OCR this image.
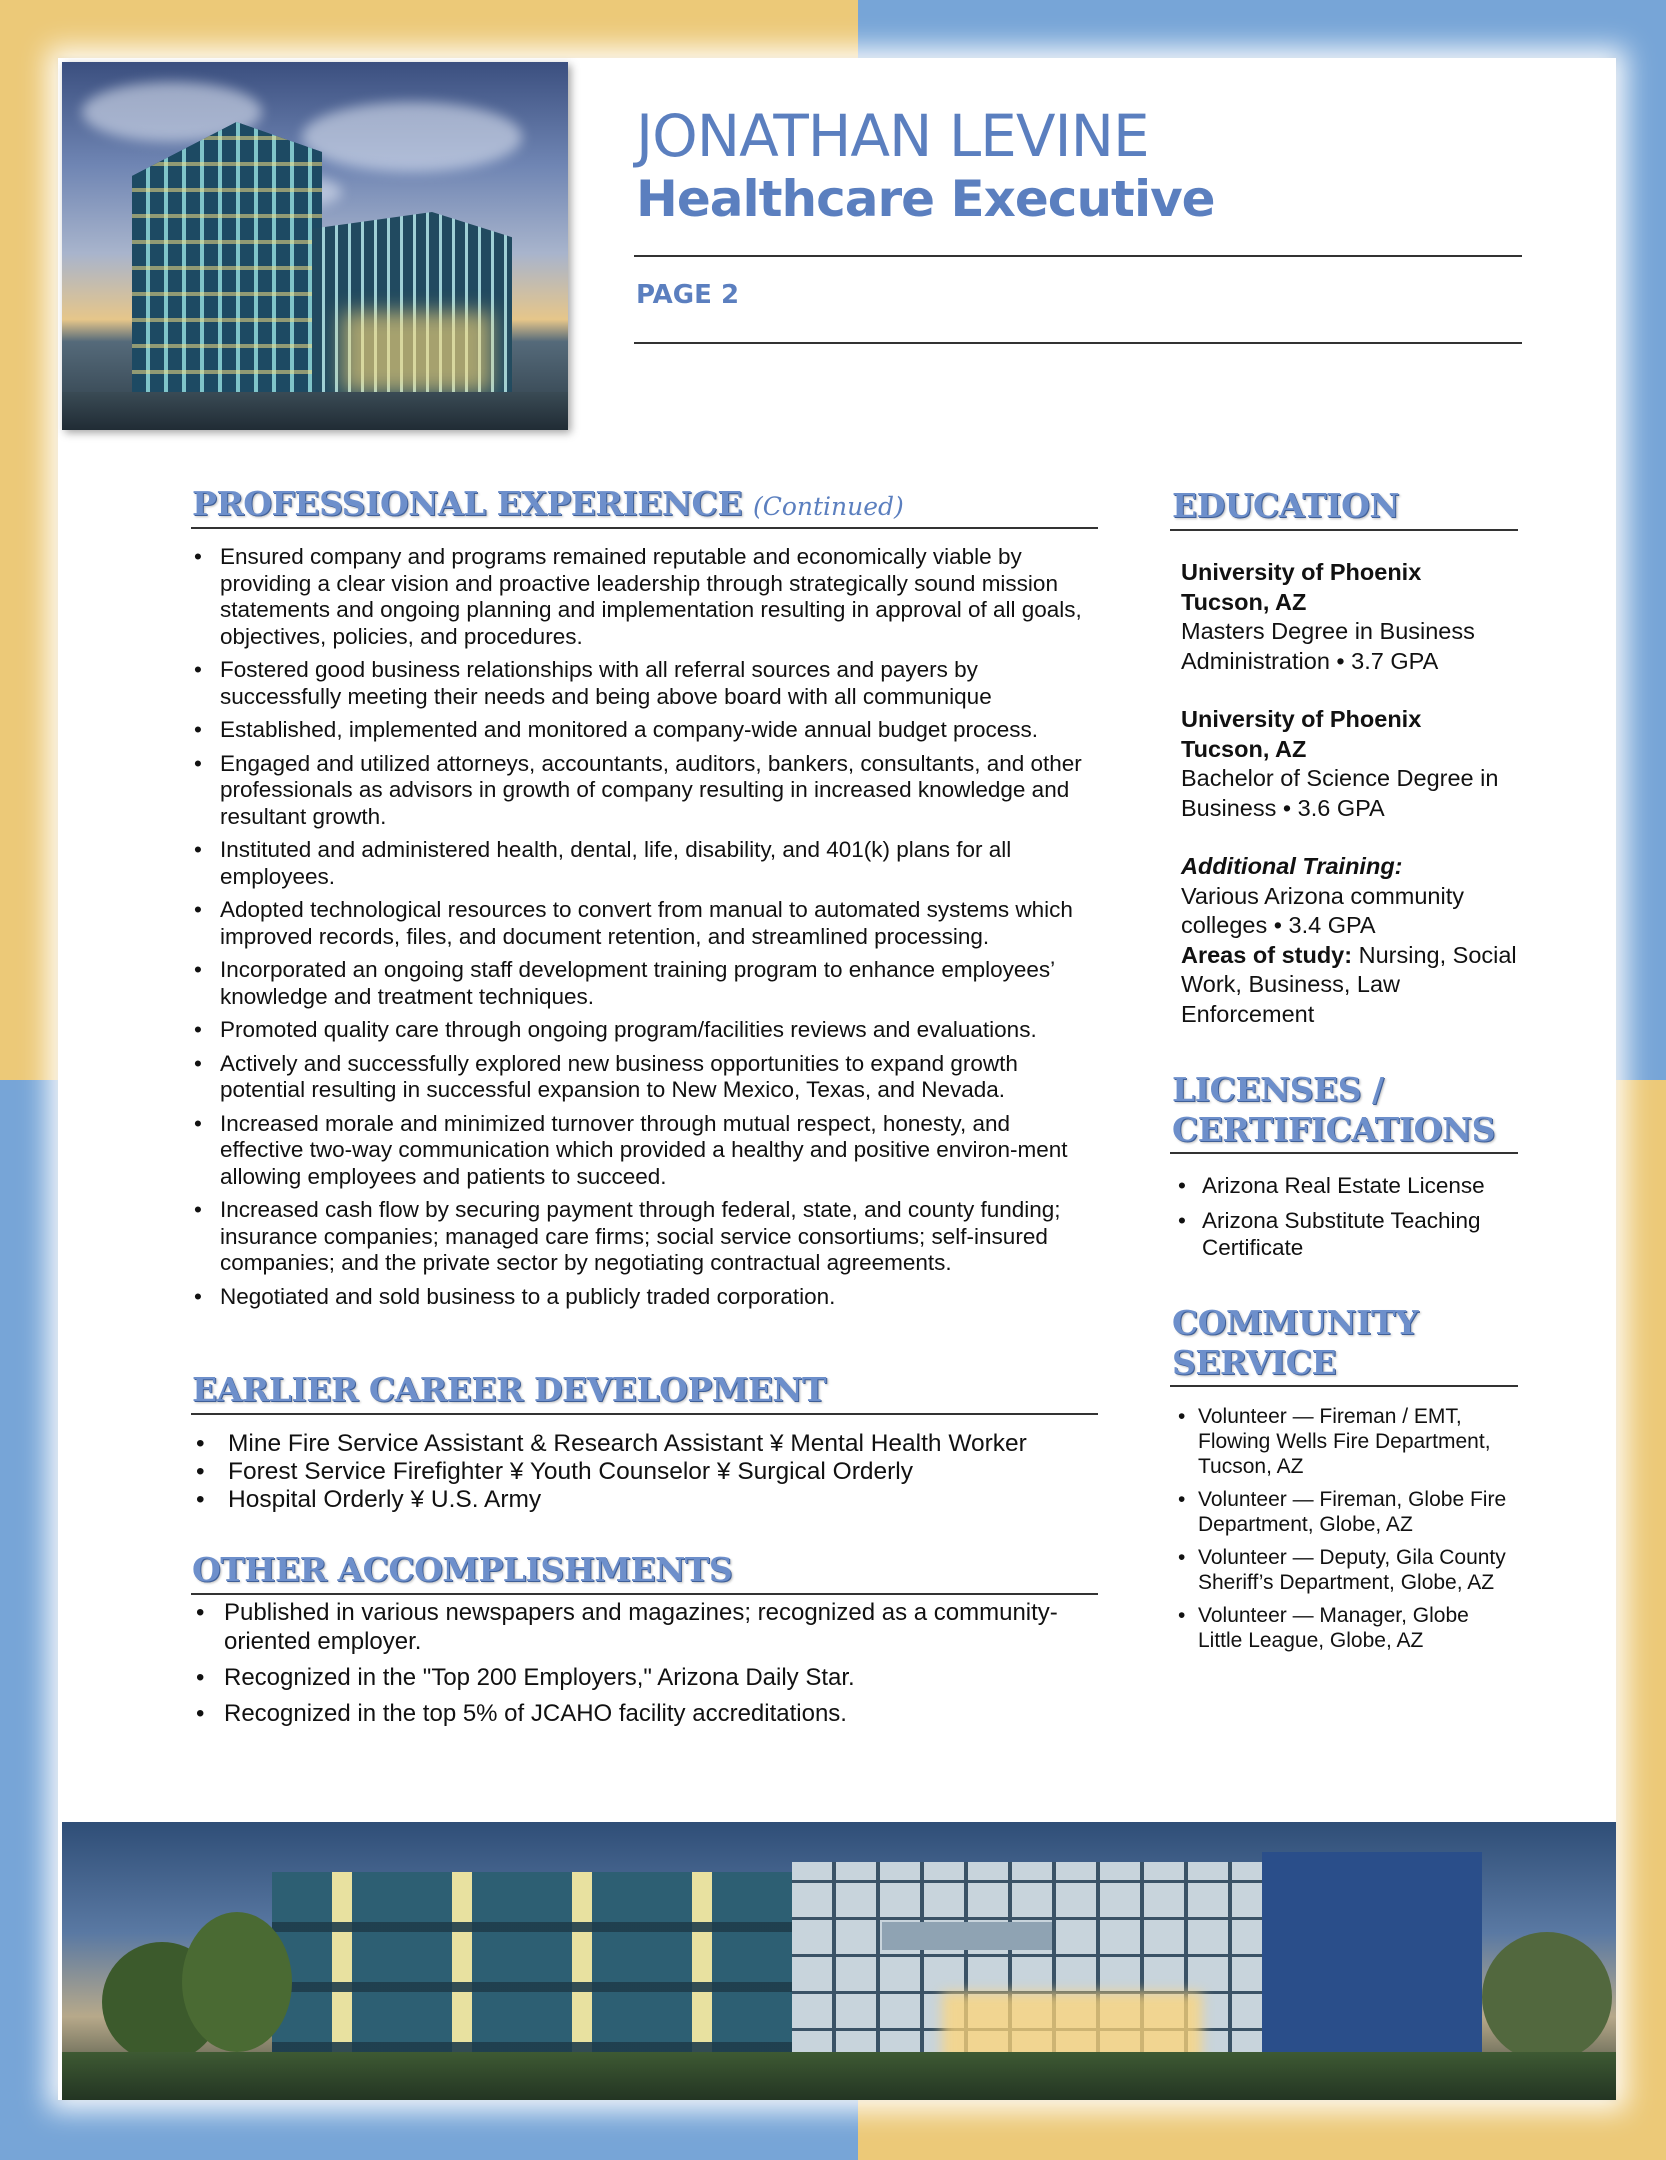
JONATHAN LEVINE
Healthcare Executive
PAGE 2
PROFESSIONAL EXPERIENCE (Continued)
• Ensured company and programs remained reputable and economically viable by providing a clear vision and proactive leadership through strategically sound mission statements and ongoing planning and implementation resulting in approval of all goals, objectives, policies, and procedures.
• Fostered good business relationships with all referral sources and payers by successfully meeting their needs and being above board with all communique
• Established, implemented and monitored a company-wide annual budget process.
• Engaged and utilized attorneys, accountants, auditors, bankers, consultants, and other professionals as advisors in growth of company resulting in increased knowledge and resultant growth.
• Instituted and administered health, dental, life, disability, and 401(k) plans for all employees.
• Adopted technological resources to convert from manual to automated systems which improved records, files, and document retention, and streamlined processing.
• Incorporated an ongoing staff development training program to enhance employees’ knowledge and treatment techniques.
• Promoted quality care through ongoing program/facilities reviews and evaluations.
• Actively and successfully explored new business opportunities to expand growth potential resulting in successful expansion to New Mexico, Texas, and Nevada.
• Increased morale and minimized turnover through mutual respect, honesty, and effective two-way communication which provided a healthy and positive environ-ment allowing employees and patients to succeed.
• Increased cash flow by securing payment through federal, state, and county funding; insurance companies; managed care firms; social service consortiums; self-insured companies; and the private sector by negotiating contractual agreements.
• Negotiated and sold business to a publicly traded corporation.
EARLIER CAREER DEVELOPMENT
• Mine Fire Service Assistant & Research Assistant ¥ Mental Health Worker
• Forest Service Firefighter ¥ Youth Counselor ¥ Surgical Orderly
• Hospital Orderly ¥ U.S. Army
OTHER ACCOMPLISHMENTS
• Published in various newspapers and magazines; recognized as a community-oriented employer.
• Recognized in the "Top 200 Employers," Arizona Daily Star.
• Recognized in the top 5% of JCAHO facility accreditations.
EDUCATION
University of Phoenix
Tucson, AZ
Masters Degree in Business Administration • 3.7 GPA
University of Phoenix
Tucson, AZ
Bachelor of Science Degree in Business • 3.6 GPA
Additional Training:
Various Arizona community colleges • 3.4 GPA
Areas of study: Nursing, Social Work, Business, Law Enforcement
LICENSES /
CERTIFICATIONS
• Arizona Real Estate License
• Arizona Substitute Teaching Certificate
COMMUNITY
SERVICE
• Volunteer — Fireman / EMT, Flowing Wells Fire Department, Tucson, AZ
• Volunteer — Fireman, Globe Fire Department, Globe, AZ
• Volunteer — Deputy, Gila County Sheriff’s Department, Globe, AZ
• Volunteer — Manager, Globe Little League, Globe, AZ
